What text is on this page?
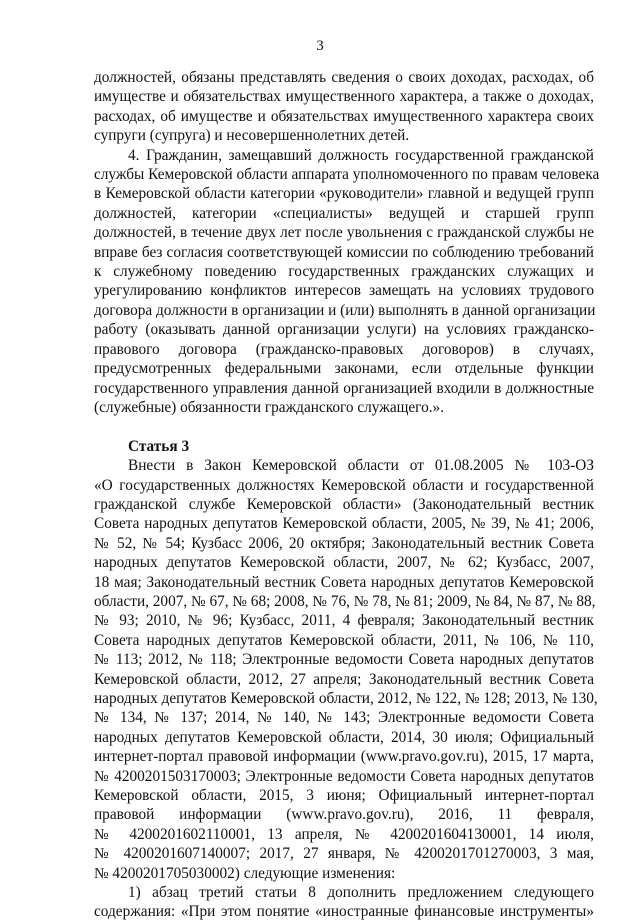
3
должностей, обязаны представлять сведения о своих доходах, расходах, об
имуществе и обязательствах имущественного характера, а также о доходах,
расходах, об имуществе и обязательствах имущественного характера своих
супруги (супруга) и несовершеннолетних детей.
4. Гражданин, замещавший должность государственной гражданской
службы Кемеровской области аппарата уполномоченного по правам человека
в Кемеровской области категории «руководители» главной и ведущей групп
должностей, категории «специалисты» ведущей и старшей групп
должностей, в течение двух лет после увольнения с гражданской службы не
вправе без согласия соответствующей комиссии по соблюдению требований
к служебному поведению государственных гражданских служащих и
урегулированию конфликтов интересов замещать на условиях трудового
договора должности в организации и (или) выполнять в данной организации
работу (оказывать данной организации услуги) на условиях гражданско-
правового договора (гражданско-правовых договоров) в случаях,
предусмотренных федеральными законами, если отдельные функции
государственного управления данной организацией входили в должностные
(служебные) обязанности гражданского служащего.».
Статья 3
Внести в Закон Кемеровской области от 01.08.2005 № 103-ОЗ
«О государственных должностях Кемеровской области и государственной
гражданской службе Кемеровской области» (Законодательный вестник
Совета народных депутатов Кемеровской области, 2005, № 39, № 41; 2006,
№ 52, № 54; Кузбасс 2006, 20 октября; Законодательный вестник Совета
народных депутатов Кемеровской области, 2007, № 62; Кузбасс, 2007,
18 мая; Законодательный вестник Совета народных депутатов Кемеровской
области, 2007, № 67, № 68; 2008, № 76, № 78, № 81; 2009, № 84, № 87, № 88,
№ 93; 2010, № 96; Кузбасс, 2011, 4 февраля; Законодательный вестник
Совета народных депутатов Кемеровской области, 2011, № 106, № 110,
№ 113; 2012, № 118; Электронные ведомости Совета народных депутатов
Кемеровской области, 2012, 27 апреля; Законодательный вестник Совета
народных депутатов Кемеровской области, 2012, № 122, № 128; 2013, № 130,
№ 134, № 137; 2014, № 140, № 143; Электронные ведомости Совета
народных депутатов Кемеровской области, 2014, 30 июля; Официальный
интернет-портал правовой информации (www.pravo.gov.ru), 2015, 17 марта,
№ 4200201503170003; Электронные ведомости Совета народных депутатов
Кемеровской области, 2015, 3 июня; Официальный интернет-портал
правовой информации (www.pravo.gov.ru), 2016, 11 февраля,
№ 4200201602110001, 13 апреля, № 4200201604130001, 14 июля,
№ 4200201607140007; 2017, 27 января, № 4200201701270003, 3 мая,
№ 4200201705030002) следующие изменения:
1) абзац третий статьи 8 дополнить предложением следующего
содержания: «При этом понятие «иностранные финансовые инструменты»
